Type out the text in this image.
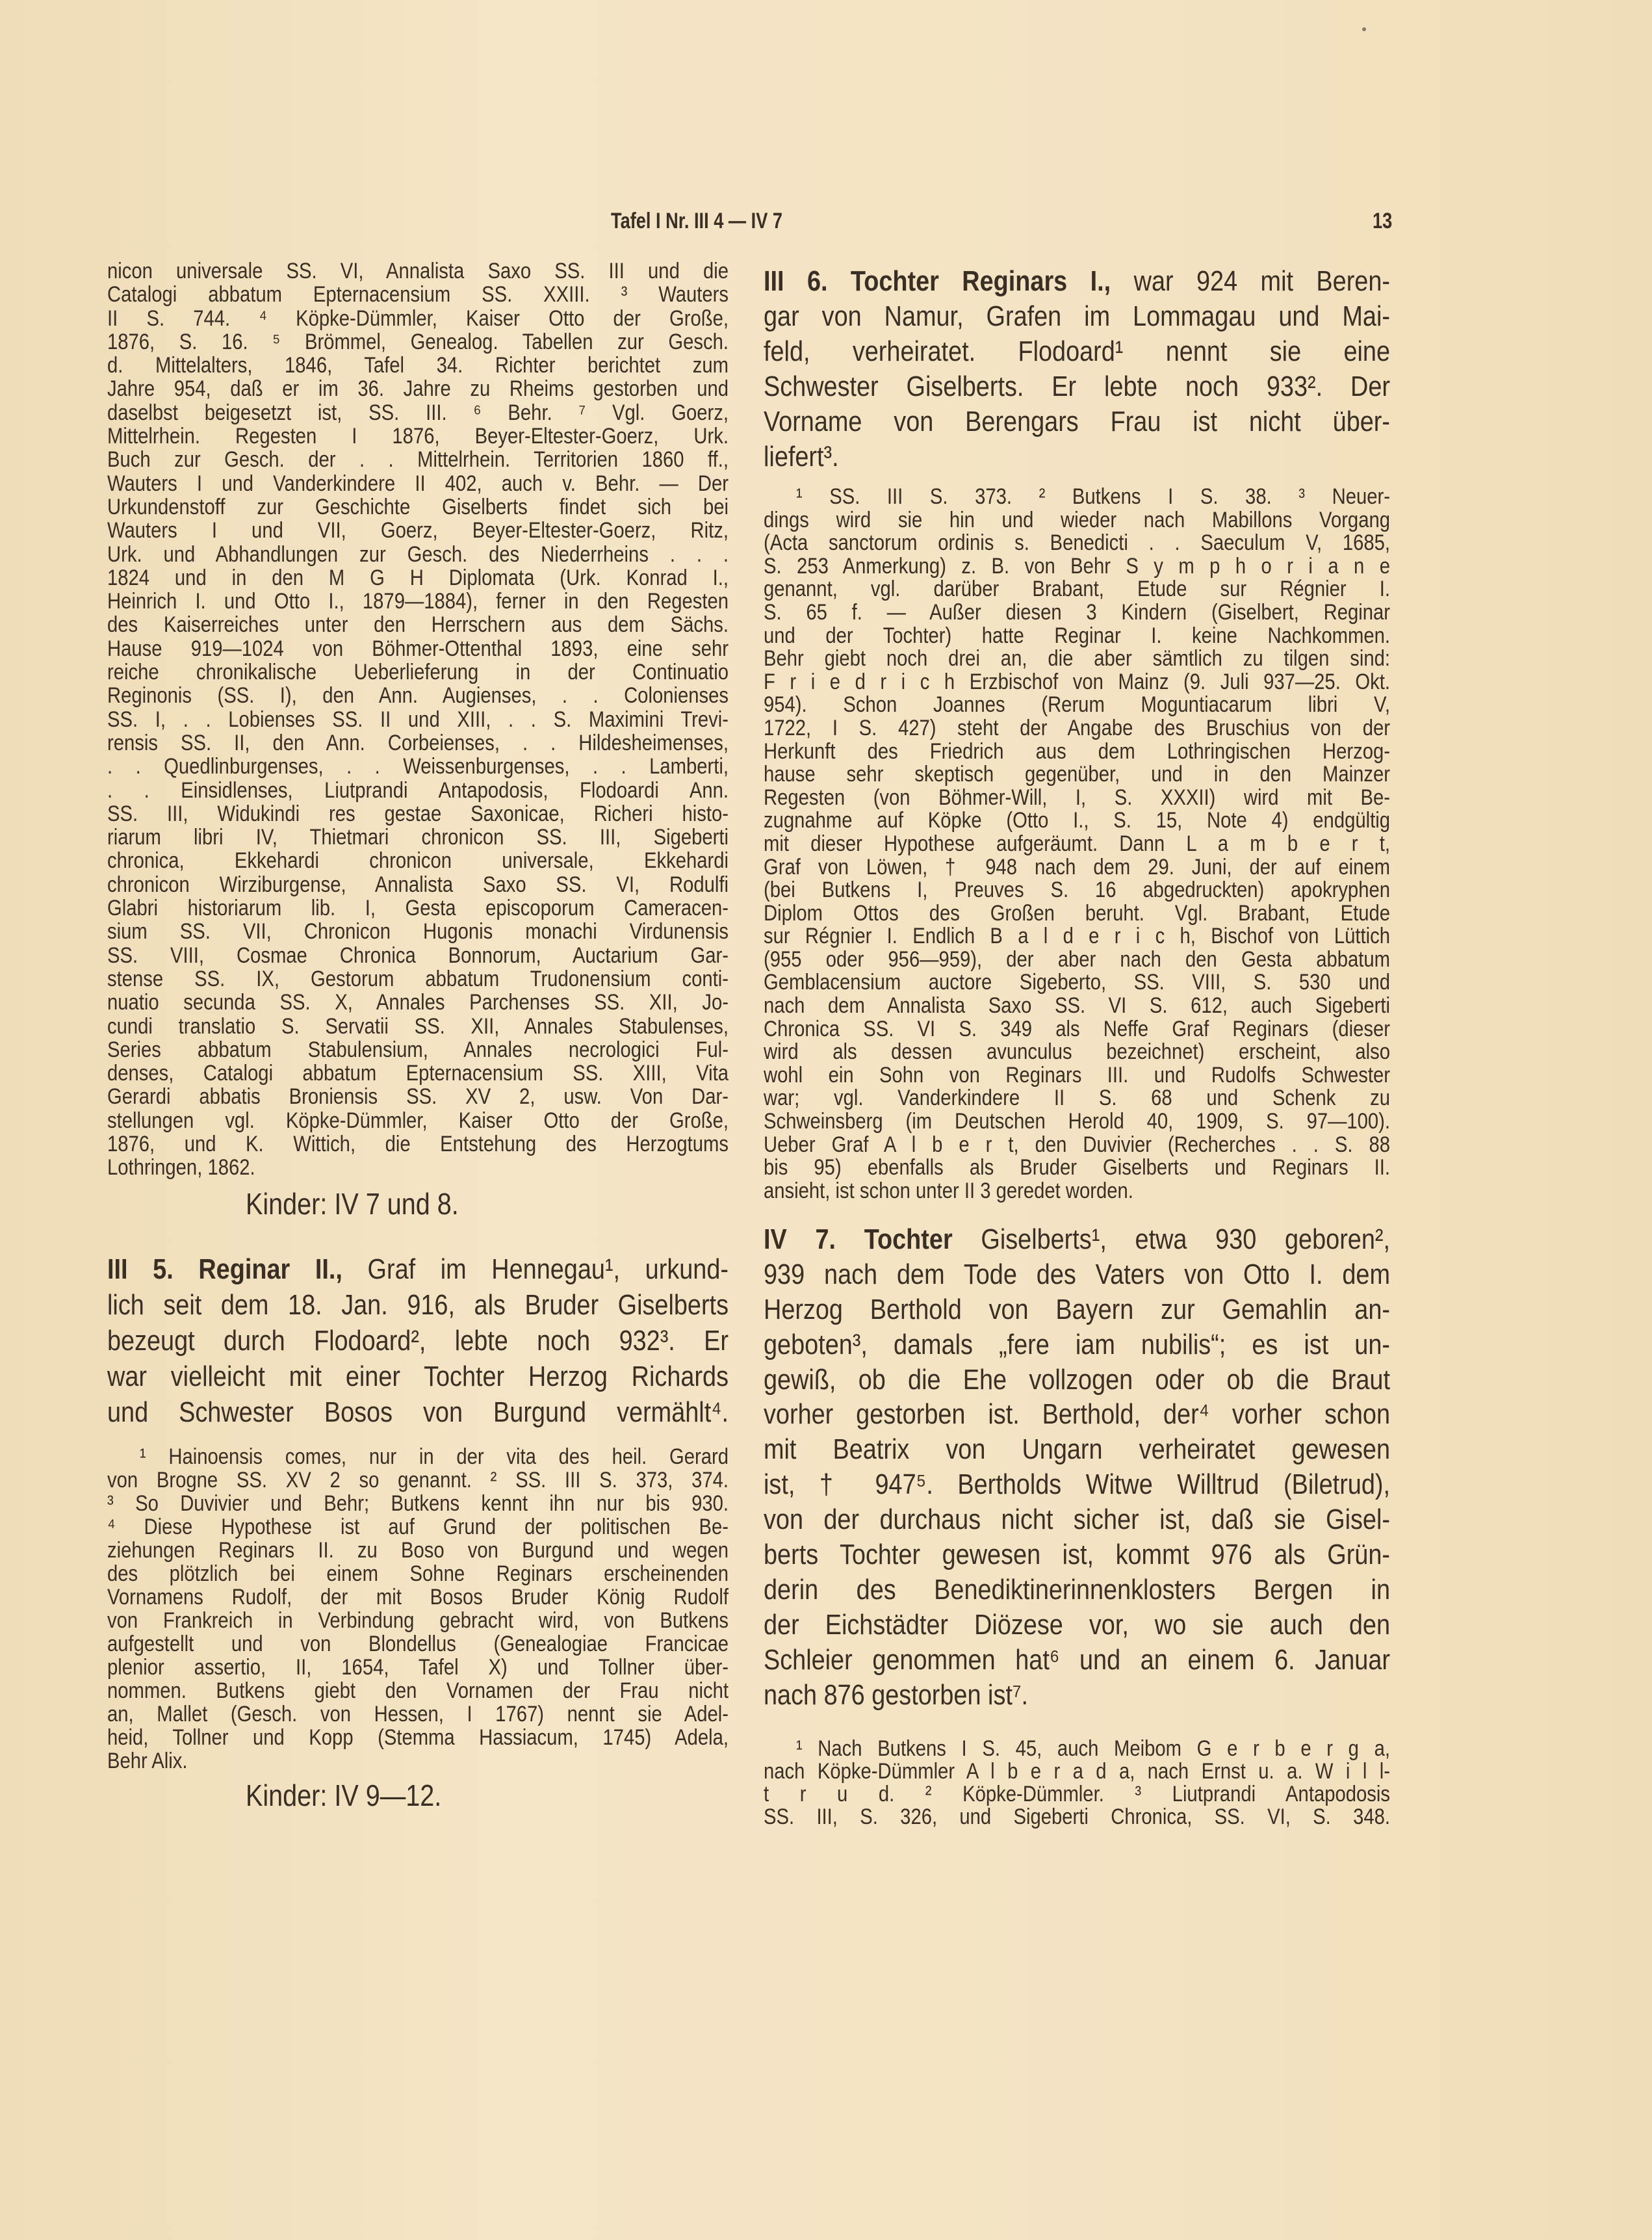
Tafel I Nr. III 4 — IV 7	13
nicon universale SS. VI, Annalista Saxo SS. III und die
Catalogi abbatum Epternacensium SS. XXIII. ³ Wauters
II S. 744. ⁴ Köpke-Dümmler, Kaiser Otto der Große,
1876, S. 16. ⁵ Brömmel, Genealog. Tabellen zur Gesch.
d. Mittelalters, 1846, Tafel 34. Richter berichtet zum
Jahre 954, daß er im 36. Jahre zu Rheims gestorben und
daselbst beigesetzt ist, SS. III. ⁶ Behr. ⁷ Vgl. Goerz,
Mittelrhein. Regesten I 1876, Beyer-Eltester-Goerz, Urk.
Buch zur Gesch. der . . Mittelrhein. Territorien 1860 ff.,
Wauters I und Vanderkindere II 402, auch v. Behr. — Der
Urkundenstoff zur Geschichte Giselberts findet sich bei
Wauters I und VII, Goerz, Beyer-Eltester-Goerz, Ritz,
Urk. und Abhandlungen zur Gesch. des Niederrheins . . .
1824 und in den M G H Diplomata (Urk. Konrad I.,
Heinrich I. und Otto I., 1879—1884), ferner in den Regesten
des Kaiserreiches unter den Herrschern aus dem Sächs.
Hause 919—1024 von Böhmer-Ottenthal 1893, eine sehr
reiche chronikalische Ueberlieferung in der Continuatio
Reginonis (SS. I), den Ann. Augienses, . . Colonienses
SS. I, . . Lobienses SS. II und XIII, . . S. Maximini Trevi-
rensis SS. II, den Ann. Corbeienses, . . Hildesheimenses,
. . Quedlinburgenses, . . Weissenburgenses, . . Lamberti,
. . Einsidlenses, Liutprandi Antapodosis, Flodoardi Ann.
SS. III, Widukindi res gestae Saxonicae, Richeri histo-
riarum libri IV, Thietmari chronicon SS. III, Sigeberti
chronica, Ekkehardi chronicon universale, Ekkehardi
chronicon Wirziburgense, Annalista Saxo SS. VI, Rodulfi
Glabri historiarum lib. I, Gesta episcoporum Cameracen-
sium SS. VII, Chronicon Hugonis monachi Virdunensis
SS. VIII, Cosmae Chronica Bonnorum, Auctarium Gar-
stense SS. IX, Gestorum abbatum Trudonensium conti-
nuatio secunda SS. X, Annales Parchenses SS. XII, Jo-
cundi translatio S. Servatii SS. XII, Annales Stabulenses,
Series abbatum Stabulensium, Annales necrologici Ful-
denses, Catalogi abbatum Epternacensium SS. XIII, Vita
Gerardi abbatis Broniensis SS. XV 2, usw. Von Dar-
stellungen vgl. Köpke-Dümmler, Kaiser Otto der Große,
1876, und K. Wittich, die Entstehung des Herzogtums
Lothringen, 1862.
Kinder: IV 7 und 8.
III 5. Reginar II., Graf im Hennegau¹, urkund-
lich seit dem 18. Jan. 916, als Bruder Giselberts
bezeugt durch Flodoard², lebte noch 932³. Er
war vielleicht mit einer Tochter Herzog Richards
und Schwester Bosos von Burgund vermählt⁴.
¹ Hainoensis comes, nur in der vita des heil. Gerard
von Brogne SS. XV 2 so genannt. ² SS. III S. 373, 374.
³ So Duvivier und Behr; Butkens kennt ihn nur bis 930.
⁴ Diese Hypothese ist auf Grund der politischen Be-
ziehungen Reginars II. zu Boso von Burgund und wegen
des plötzlich bei einem Sohne Reginars erscheinenden
Vornamens Rudolf, der mit Bosos Bruder König Rudolf
von Frankreich in Verbindung gebracht wird, von Butkens
aufgestellt und von Blondellus (Genealogiae Francicae
plenior assertio, II, 1654, Tafel X) und Tollner über-
nommen. Butkens giebt den Vornamen der Frau nicht
an, Mallet (Gesch. von Hessen, I 1767) nennt sie Adel-
heid, Tollner und Kopp (Stemma Hassiacum, 1745) Adela,
Behr Alix.
Kinder: IV 9—12.
III 6. Tochter Reginars I., war 924 mit Beren-
gar von Namur, Grafen im Lommagau und Mai-
feld, verheiratet. Flodoard¹ nennt sie eine
Schwester Giselberts. Er lebte noch 933². Der
Vorname von Berengars Frau ist nicht über-
liefert³.
¹ SS. III S. 373. ² Butkens I S. 38. ³ Neuer-
dings wird sie hin und wieder nach Mabillons Vorgang
(Acta sanctorum ordinis s. Benedicti . . Saeculum V, 1685,
S. 253 Anmerkung) z. B. von Behr S y m p h o r i a n e
genannt, vgl. darüber Brabant, Etude sur Régnier I.
S. 65 f. — Außer diesen 3 Kindern (Giselbert, Reginar
und der Tochter) hatte Reginar I. keine Nachkommen.
Behr giebt noch drei an, die aber sämtlich zu tilgen sind:
F r i e d r i c h Erzbischof von Mainz (9. Juli 937—25. Okt.
954). Schon Joannes (Rerum Moguntiacarum libri V,
1722, I S. 427) steht der Angabe des Bruschius von der
Herkunft des Friedrich aus dem Lothringischen Herzog-
hause sehr skeptisch gegenüber, und in den Mainzer
Regesten (von Böhmer-Will, I, S. XXXII) wird mit Be-
zugnahme auf Köpke (Otto I., S. 15, Note 4) endgültig
mit dieser Hypothese aufgeräumt. Dann L a m b e r t,
Graf von Löwen, † 948 nach dem 29. Juni, der auf einem
(bei Butkens I, Preuves S. 16 abgedruckten) apokryphen
Diplom Ottos des Großen beruht. Vgl. Brabant, Etude
sur Régnier I. Endlich B a l d e r i c h, Bischof von Lüttich
(955 oder 956—959), der aber nach den Gesta abbatum
Gemblacensium auctore Sigeberto, SS. VIII, S. 530 und
nach dem Annalista Saxo SS. VI S. 612, auch Sigeberti
Chronica SS. VI S. 349 als Neffe Graf Reginars (dieser
wird als dessen avunculus bezeichnet) erscheint, also
wohl ein Sohn von Reginars III. und Rudolfs Schwester
war; vgl. Vanderkindere II S. 68 und Schenk zu
Schweinsberg (im Deutschen Herold 40, 1909, S. 97—100).
Ueber Graf A l b e r t, den Duvivier (Recherches . . S. 88
bis 95) ebenfalls als Bruder Giselberts und Reginars II.
ansieht, ist schon unter II 3 geredet worden.
IV 7. Tochter Giselberts¹, etwa 930 geboren²,
939 nach dem Tode des Vaters von Otto I. dem
Herzog Berthold von Bayern zur Gemahlin an-
geboten³, damals „fere iam nubilis“; es ist un-
gewiß, ob die Ehe vollzogen oder ob die Braut
vorher gestorben ist. Berthold, der⁴ vorher schon
mit Beatrix von Ungarn verheiratet gewesen
ist, † 947⁵. Bertholds Witwe Willtrud (Biletrud),
von der durchaus nicht sicher ist, daß sie Gisel-
berts Tochter gewesen ist, kommt 976 als Grün-
derin des Benediktinerinnenklosters Bergen in
der Eichstädter Diözese vor, wo sie auch den
Schleier genommen hat⁶ und an einem 6. Januar
nach 876 gestorben ist⁷.
¹ Nach Butkens I S. 45, auch Meibom G e r b e r g a,
nach Köpke-Dümmler A l b e r a d a, nach Ernst u. a. W i l l-
t r u d. ² Köpke-Dümmler. ³ Liutprandi Antapodosis
SS. III, S. 326, und Sigeberti Chronica, SS. VI, S. 348.
